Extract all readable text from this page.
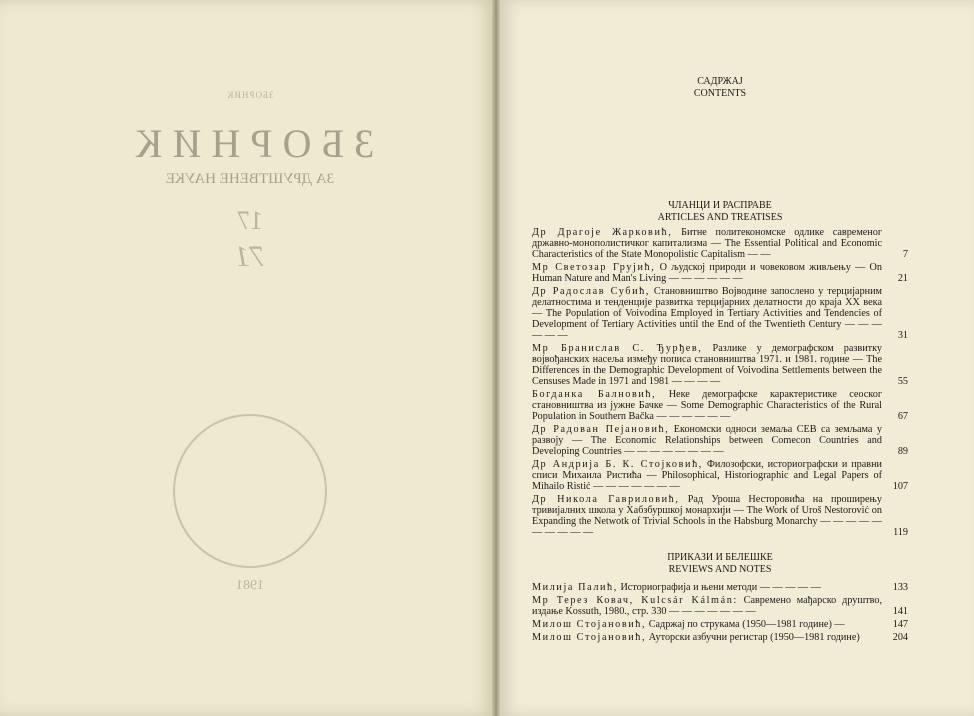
ЗБОРНИК
ЗБОРНИК
ЗА ДРУШТВЕНЕ НАУКЕ
17
71
1981
САДРЖАЈ
CONTENTS
ЧЛАНЦИ И РАСПРАВЕ
ARTICLES AND TREATISES
Др Драгоје Жарковић, Битне политекономске одлике савременог државно-монополистичког капитализма — The Essential Political and Economic Characteristics of the State Monopolistic Capitalism — —	7
Мр Светозар Грујић, О људској природи и човековом живљењу — On Human Nature and Man's Living — — — — — —	21
Др Радослав Субић, Становништво Војводине запослено у терцијарним делатностима и тенденције развитка терцијарних делатности до краја XX века — The Population of Voivodina Employed in Tertiary Activities and Tendencies of Development of Tertiary Activities until the End of the Twentieth Century — — — — — —	31
Мр Бранислав С. Ђурђев, Разлике у демографском развитку војвођанских насеља између пописа становништва 1971. и 1981. године — The Differences in the Demographic Development of Voivodina Settlements between the Censuses Made in 1971 and 1981 — — — —	55
Богданка Балновић, Неке демографске карактеристике сеоског становништва из јужне Бачке — Some Demographic Characteristics of the Rural Population in Southern Bačka — — — — — —	67
Др Радован Пејановић, Економски односи земаља СЕВ са земљама у развоју — The Economic Relationships between Comecon Countries and Developing Countries — — — — — — — —	89
Др Андрија Б. К. Стојковић, Филозофски, историографски и правни списи Михаила Ристића — Philosophical, Historiographic and Legal Papers of Mihailo Ristić — — — — — — —	107
Др Никола Гавриловић, Рад Уроша Несторовића на проширењу тривијалних школа у Хабзбуршкој монархији — The Work of Uroš Nestorović on Expanding the Netwotk of Trivial Schools in the Habsburg Monarchy — — — — — — — — — —	119
ПРИКАЗИ И БЕЛЕШКЕ
REVIEWS AND NOTES
Милија Палић, Историографија и њени методи — — — — —	133
Мр Терез Ковач, Kulcsár Kálmán: Савремено мађарско друштво, издање Kossuth, 1980., стр. 330 — — — — — — —	141
Милош Стојановић, Садржај по струкама (1950—1981 године) —	147
Милош Стојановић, Ауторски азбучни регистар (1950—1981 године)	204
